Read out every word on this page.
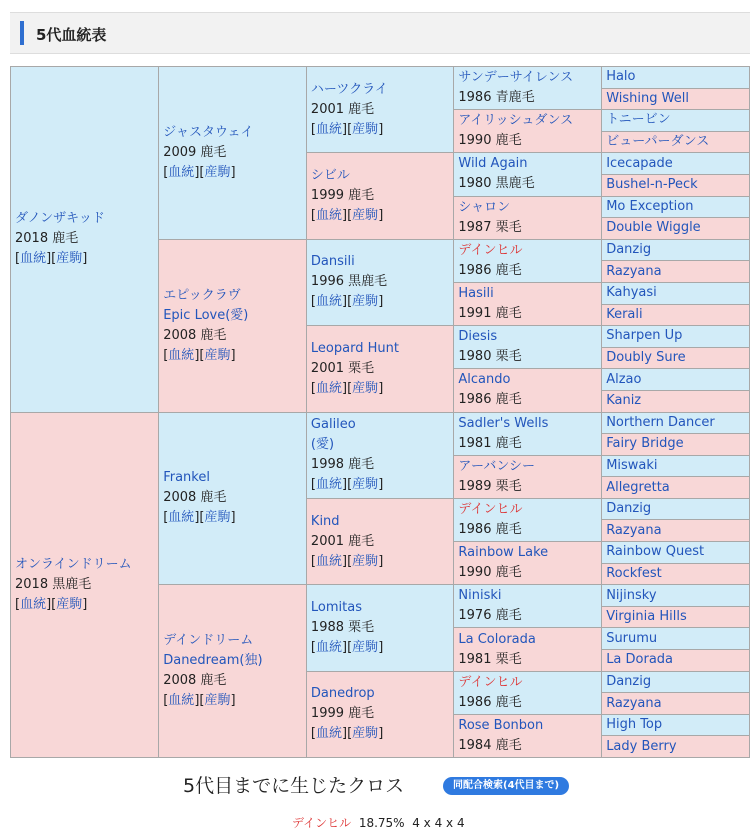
5代血統表
ダノンザキッド
2018 鹿毛
[血統][産駒]	ジャスタウェイ
2009 鹿毛
[血統][産駒]	ハーツクライ
2001 鹿毛
[血統][産駒]	サンデーサイレンス
1986 青鹿毛	Halo
				Wishing Well
			アイリッシュダンス
1990 鹿毛	トニービン
				ビューパーダンス
		シビル
1999 鹿毛
[血統][産駒]	Wild Again
1980 黒鹿毛	Icecapade
				Bushel-n-Peck
			シャロン
1987 栗毛	Mo Exception
				Double Wiggle
	エピックラヴ
Epic Love(愛)
2008 鹿毛
[血統][産駒]	Dansili
1996 黒鹿毛
[血統][産駒]	デインヒル
1986 鹿毛	Danzig
				Razyana
			Hasili
1991 鹿毛	Kahyasi
				Kerali
		Leopard Hunt
2001 栗毛
[血統][産駒]	Diesis
1980 栗毛	Sharpen Up
				Doubly Sure
			Alcando
1986 鹿毛	Alzao
				Kaniz
オンラインドリーム
2018 黒鹿毛
[血統][産駒]	Frankel
2008 鹿毛
[血統][産駒]	Galileo
(愛)
1998 鹿毛
[血統][産駒]	Sadler's Wells
1981 鹿毛	Northern Dancer
				Fairy Bridge
			アーバンシー
1989 栗毛	Miswaki
				Allegretta
		Kind
2001 鹿毛
[血統][産駒]	デインヒル
1986 鹿毛	Danzig
				Razyana
			Rainbow Lake
1990 鹿毛	Rainbow Quest
				Rockfest
	デインドリーム
Danedream(独)
2008 鹿毛
[血統][産駒]	Lomitas
1988 栗毛
[血統][産駒]	Niniski
1976 鹿毛	Nijinsky
				Virginia Hills
			La Colorada
1981 栗毛	Surumu
				La Dorada
		Danedrop
1999 鹿毛
[血統][産駒]	デインヒル
1986 鹿毛	Danzig
				Razyana
			Rose Bonbon
1984 鹿毛	High Top
				Lady Berry
5代目までに生じたクロス	同配合検索(4代目まで)
デインヒル 18.75% 4 x 4 x 4
